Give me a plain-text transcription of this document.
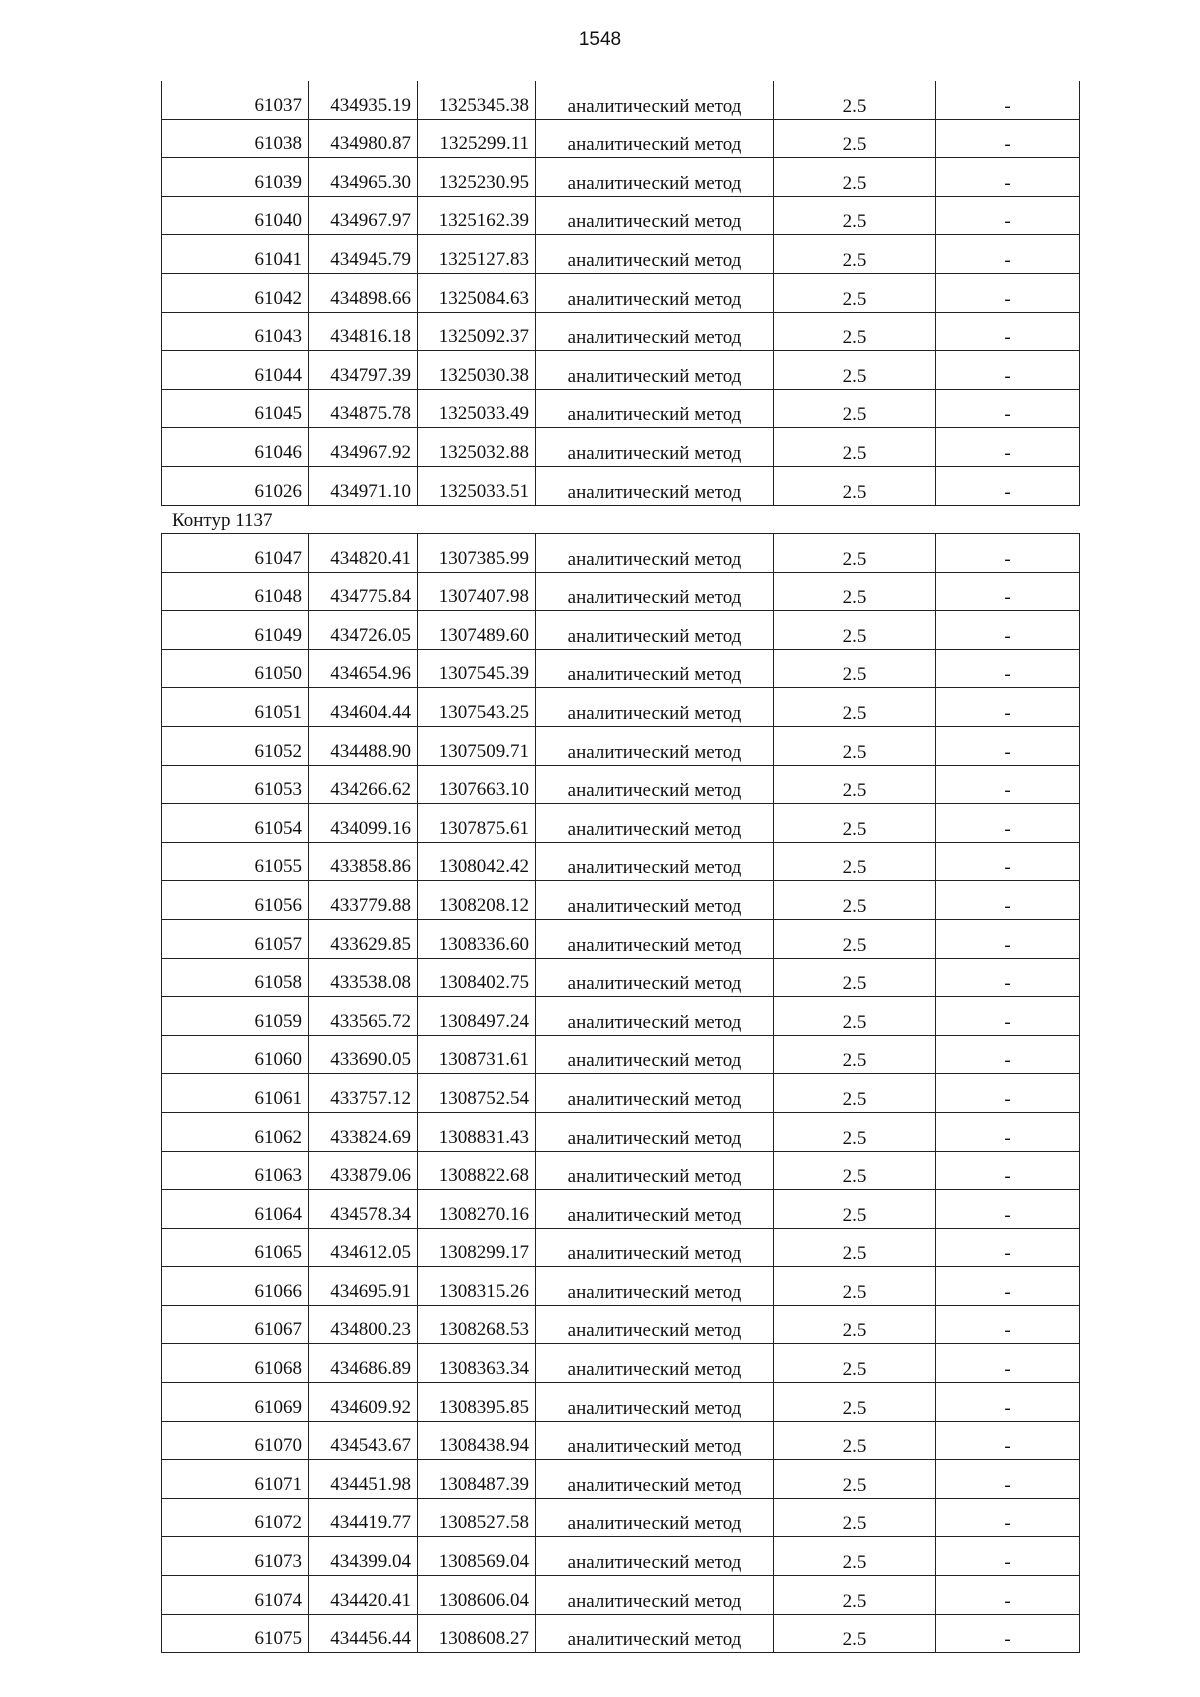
1548
61037	434935.19	1325345.38	аналитический метод	2.5	-
61038	434980.87	1325299.11	аналитический метод	2.5	-
61039	434965.30	1325230.95	аналитический метод	2.5	-
61040	434967.97	1325162.39	аналитический метод	2.5	-
61041	434945.79	1325127.83	аналитический метод	2.5	-
61042	434898.66	1325084.63	аналитический метод	2.5	-
61043	434816.18	1325092.37	аналитический метод	2.5	-
61044	434797.39	1325030.38	аналитический метод	2.5	-
61045	434875.78	1325033.49	аналитический метод	2.5	-
61046	434967.92	1325032.88	аналитический метод	2.5	-
61026	434971.10	1325033.51	аналитический метод	2.5	-
Контур 1137
61047	434820.41	1307385.99	аналитический метод	2.5	-
61048	434775.84	1307407.98	аналитический метод	2.5	-
61049	434726.05	1307489.60	аналитический метод	2.5	-
61050	434654.96	1307545.39	аналитический метод	2.5	-
61051	434604.44	1307543.25	аналитический метод	2.5	-
61052	434488.90	1307509.71	аналитический метод	2.5	-
61053	434266.62	1307663.10	аналитический метод	2.5	-
61054	434099.16	1307875.61	аналитический метод	2.5	-
61055	433858.86	1308042.42	аналитический метод	2.5	-
61056	433779.88	1308208.12	аналитический метод	2.5	-
61057	433629.85	1308336.60	аналитический метод	2.5	-
61058	433538.08	1308402.75	аналитический метод	2.5	-
61059	433565.72	1308497.24	аналитический метод	2.5	-
61060	433690.05	1308731.61	аналитический метод	2.5	-
61061	433757.12	1308752.54	аналитический метод	2.5	-
61062	433824.69	1308831.43	аналитический метод	2.5	-
61063	433879.06	1308822.68	аналитический метод	2.5	-
61064	434578.34	1308270.16	аналитический метод	2.5	-
61065	434612.05	1308299.17	аналитический метод	2.5	-
61066	434695.91	1308315.26	аналитический метод	2.5	-
61067	434800.23	1308268.53	аналитический метод	2.5	-
61068	434686.89	1308363.34	аналитический метод	2.5	-
61069	434609.92	1308395.85	аналитический метод	2.5	-
61070	434543.67	1308438.94	аналитический метод	2.5	-
61071	434451.98	1308487.39	аналитический метод	2.5	-
61072	434419.77	1308527.58	аналитический метод	2.5	-
61073	434399.04	1308569.04	аналитический метод	2.5	-
61074	434420.41	1308606.04	аналитический метод	2.5	-
61075	434456.44	1308608.27	аналитический метод	2.5	-
